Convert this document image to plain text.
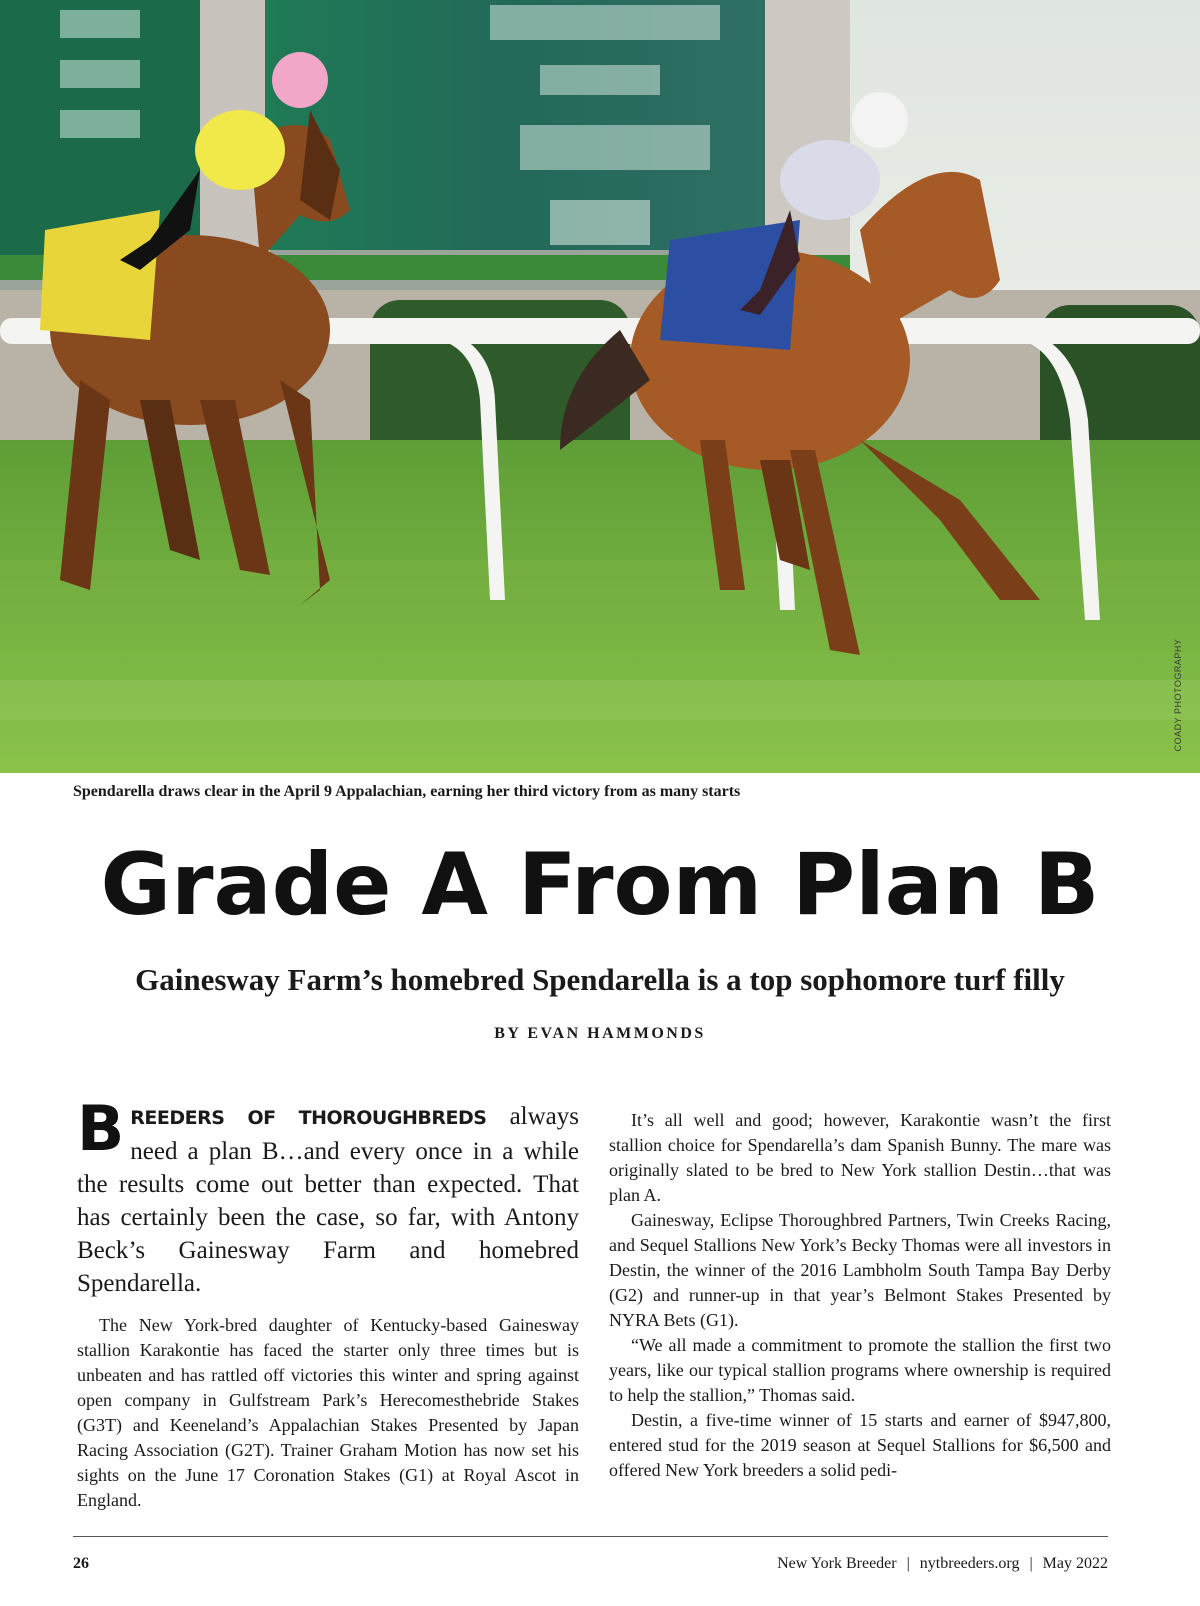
COADY PHOTOGRAPHY
Spendarella draws clear in the April 9 Appalachian, earning her third victory from as many starts
Grade A From Plan B
Gainesway Farm’s homebred Spendarella is a top sophomore turf filly
BY EVAN HAMMONDS

BREEDERS OF THOROUGHBREDS always need a plan B…and every once in a while the results come out better than expected. That has certainly been the case, so far, with Antony Beck’s Gainesway Farm and homebred Spendarella.

The New York-bred daughter of Kentucky-based Gainesway stallion Karakontie has faced the starter only three times but is unbeaten and has rattled off victories this winter and spring against open company in Gulfstream Park’s Herecomesthebride Stakes (G3T) and Keeneland’s Appalachian Stakes Presented by Japan Racing Association (G2T). Trainer Graham Motion has now set his sights on the June 17 Coronation Stakes (G1) at Royal Ascot in England.

It’s all well and good; however, Karakontie wasn’t the first stallion choice for Spendarella’s dam Spanish Bunny. The mare was originally slated to be bred to New York stallion Destin…that was plan A.

Gainesway, Eclipse Thoroughbred Partners, Twin Creeks Racing, and Sequel Stallions New York’s Becky Thomas were all investors in Destin, the winner of the 2016 Lambholm South Tampa Bay Derby (G2) and runner-up in that year’s Belmont Stakes Presented by NYRA Bets (G1).

“We all made a commitment to promote the stallion the first two years, like our typical stallion programs where ownership is required to help the stallion,” Thomas said.

Destin, a five-time winner of 15 starts and earner of $947,800, entered stud for the 2019 season at Sequel Stallions for $6,500 and offered New York breeders a solid pedi-

26	New York Breeder | nytbreeders.org | May 2022
